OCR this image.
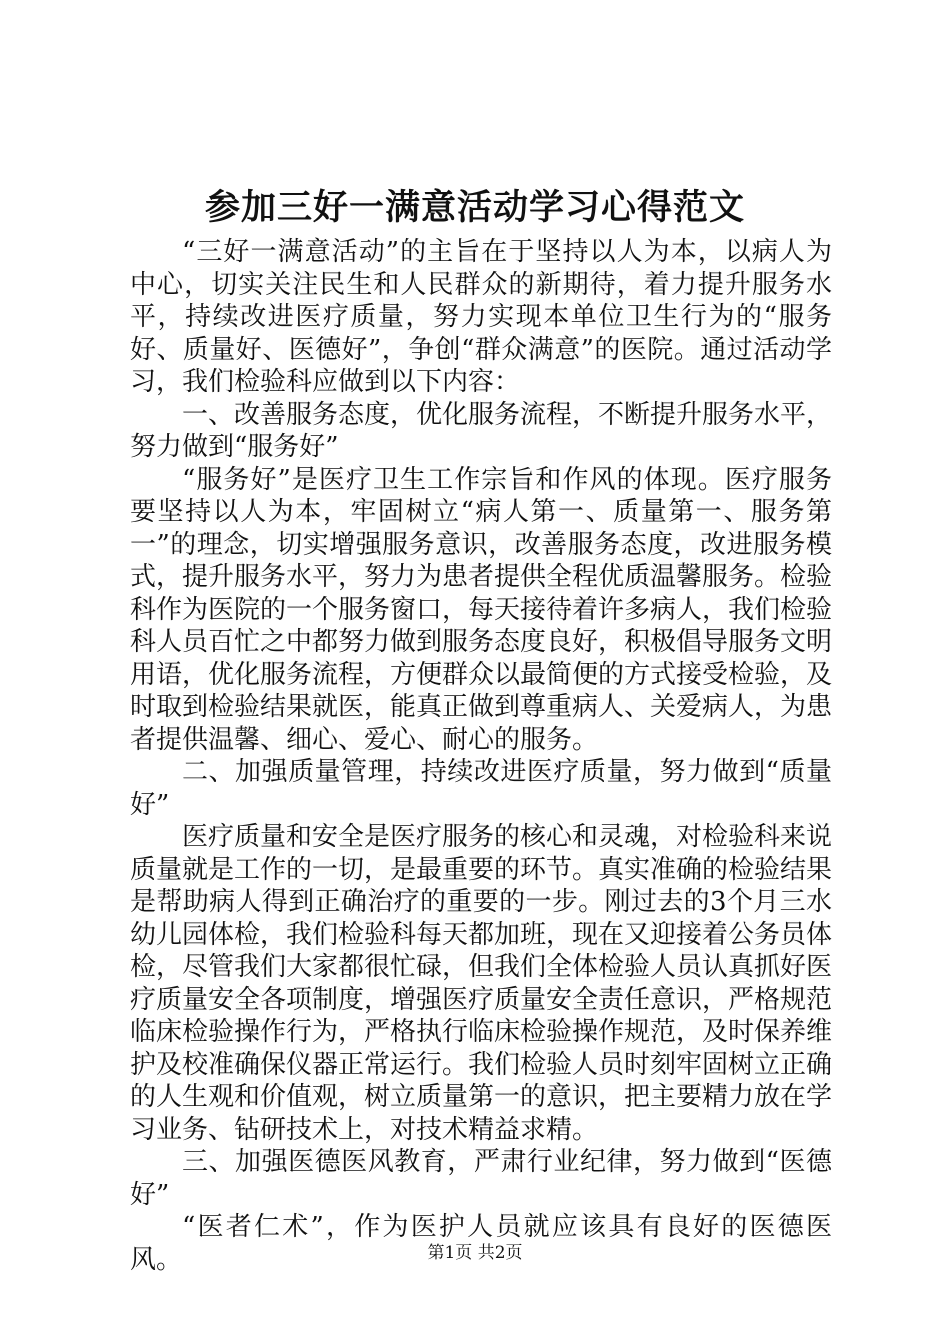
参加三好一满意活动学习心得范文

“三好一满意活动”的主旨在于坚持以人为本，以病人为中心，切实关注民生和人民群众的新期待，着力提升服务水平，持续改进医疗质量，努力实现本单位卫生行为的“服务好、质量好、医德好”，争创“群众满意”的医院。通过活动学习，我们检验科应做到以下内容：

一、改善服务态度，优化服务流程，不断提升服务水平，努力做到“服务好”

“服务好”是医疗卫生工作宗旨和作风的体现。医疗服务要坚持以人为本，牢固树立“病人第一、质量第一、服务第一”的理念，切实增强服务意识，改善服务态度，改进服务模式，提升服务水平，努力为患者提供全程优质温馨服务。检验科作为医院的一个服务窗口，每天接待着许多病人，我们检验科人员百忙之中都努力做到服务态度良好，积极倡导服务文明用语，优化服务流程，方便群众以最简便的方式接受检验，及时取到检验结果就医，能真正做到尊重病人、关爱病人，为患者提供温馨、细心、爱心、耐心的服务。

二、加强质量管理，持续改进医疗质量，努力做到“质量好”

医疗质量和安全是医疗服务的核心和灵魂，对检验科来说质量就是工作的一切，是最重要的环节。真实准确的检验结果是帮助病人得到正确治疗的重要的一步。刚过去的3个月三水幼儿园体检，我们检验科每天都加班，现在又迎接着公务员体检，尽管我们大家都很忙碌，但我们全体检验人员认真抓好医疗质量安全各项制度，增强医疗质量安全责任意识，严格规范临床检验操作行为，严格执行临床检验操作规范，及时保养维护及校准确保仪器正常运行。我们检验人员时刻牢固树立正确的人生观和价值观，树立质量第一的意识，把主要精力放在学习业务、钻研技术上，对技术精益求精。

三、加强医德医风教育，严肃行业纪律，努力做到“医德好”

“医者仁术”，作为医护人员就应该具有良好的医德医风。	第1页 共2页
